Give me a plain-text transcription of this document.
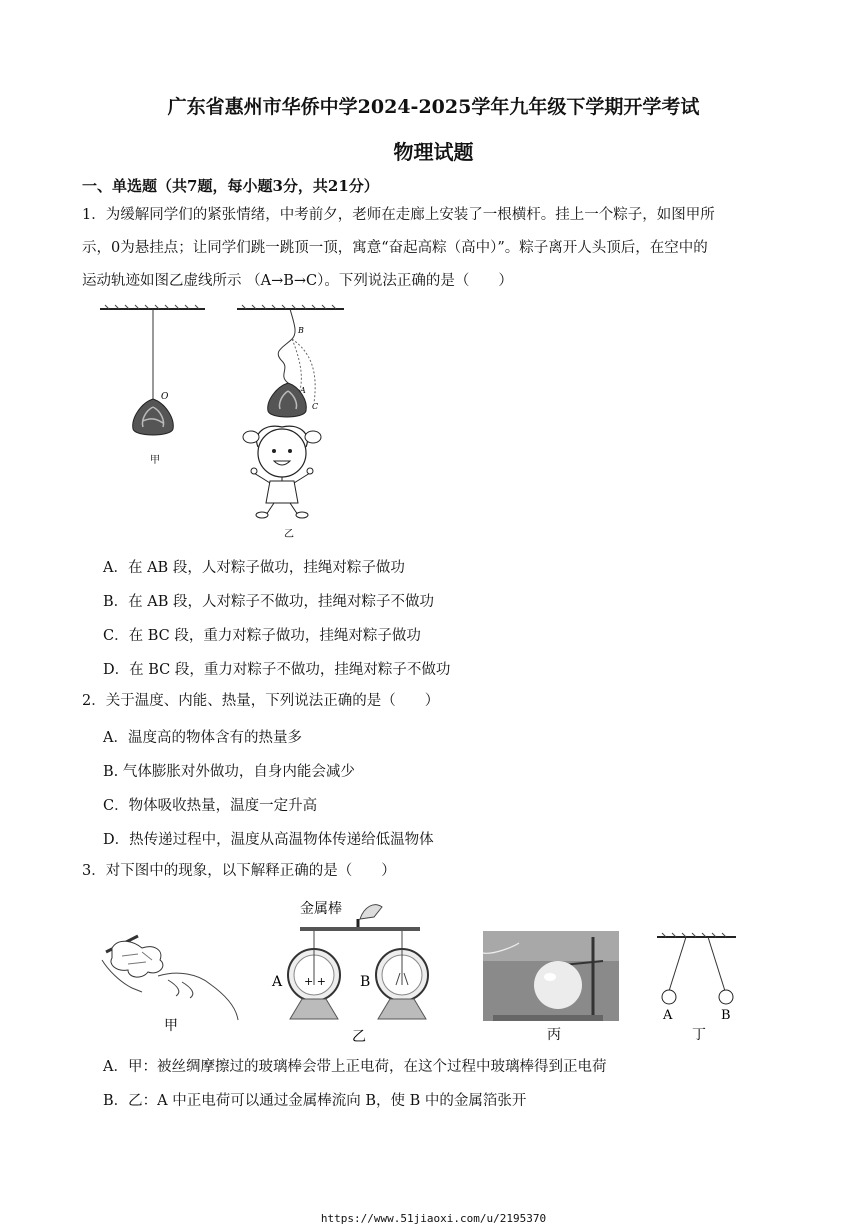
广东省惠州市华侨中学2024-2025学年九年级下学期开学考试
物理试题
一、单选题（共7题，每小题3分，共21分）
1．为缓解同学们的紧张情绪，中考前夕，老师在走廊上安装了一根横杆。挂上一个粽子，如图甲所
示，0为悬挂点；让同学们跳一跳顶一顶，寓意“奋起高粽（高中）”。粽子离开人头顶后，在空中的
运动轨迹如图乙虚线所示 （A→B→C）。下列说法正确的是（　　）
O
甲
B
A
C
乙
A．在 AB 段，人对粽子做功，挂绳对粽子做功
B．在 AB 段，人对粽子不做功，挂绳对粽子不做功
C．在 BC 段，重力对粽子做功，挂绳对粽子做功
D．在 BC 段，重力对粽子不做功，挂绳对粽子不做功
2．关于温度、内能、热量，下列说法正确的是（　　）
A．温度高的物体含有的热量多
B. 气体膨胀对外做功，自身内能会减少
C．物体吸收热量，温度一定升高
D．热传递过程中，温度从高温物体传递给低温物体
3．对下图中的现象，以下解释正确的是（　　）
甲
金属棒
+ +
A	B
乙	丙
A	B
丁
A．甲：被丝绸摩擦过的玻璃棒会带上正电荷，在这个过程中玻璃棒得到正电荷
B．乙：A 中正电荷可以通过金属棒流向 B，使 B 中的金属箔张开
https://www.51jiaoxi.com/u/2195370
